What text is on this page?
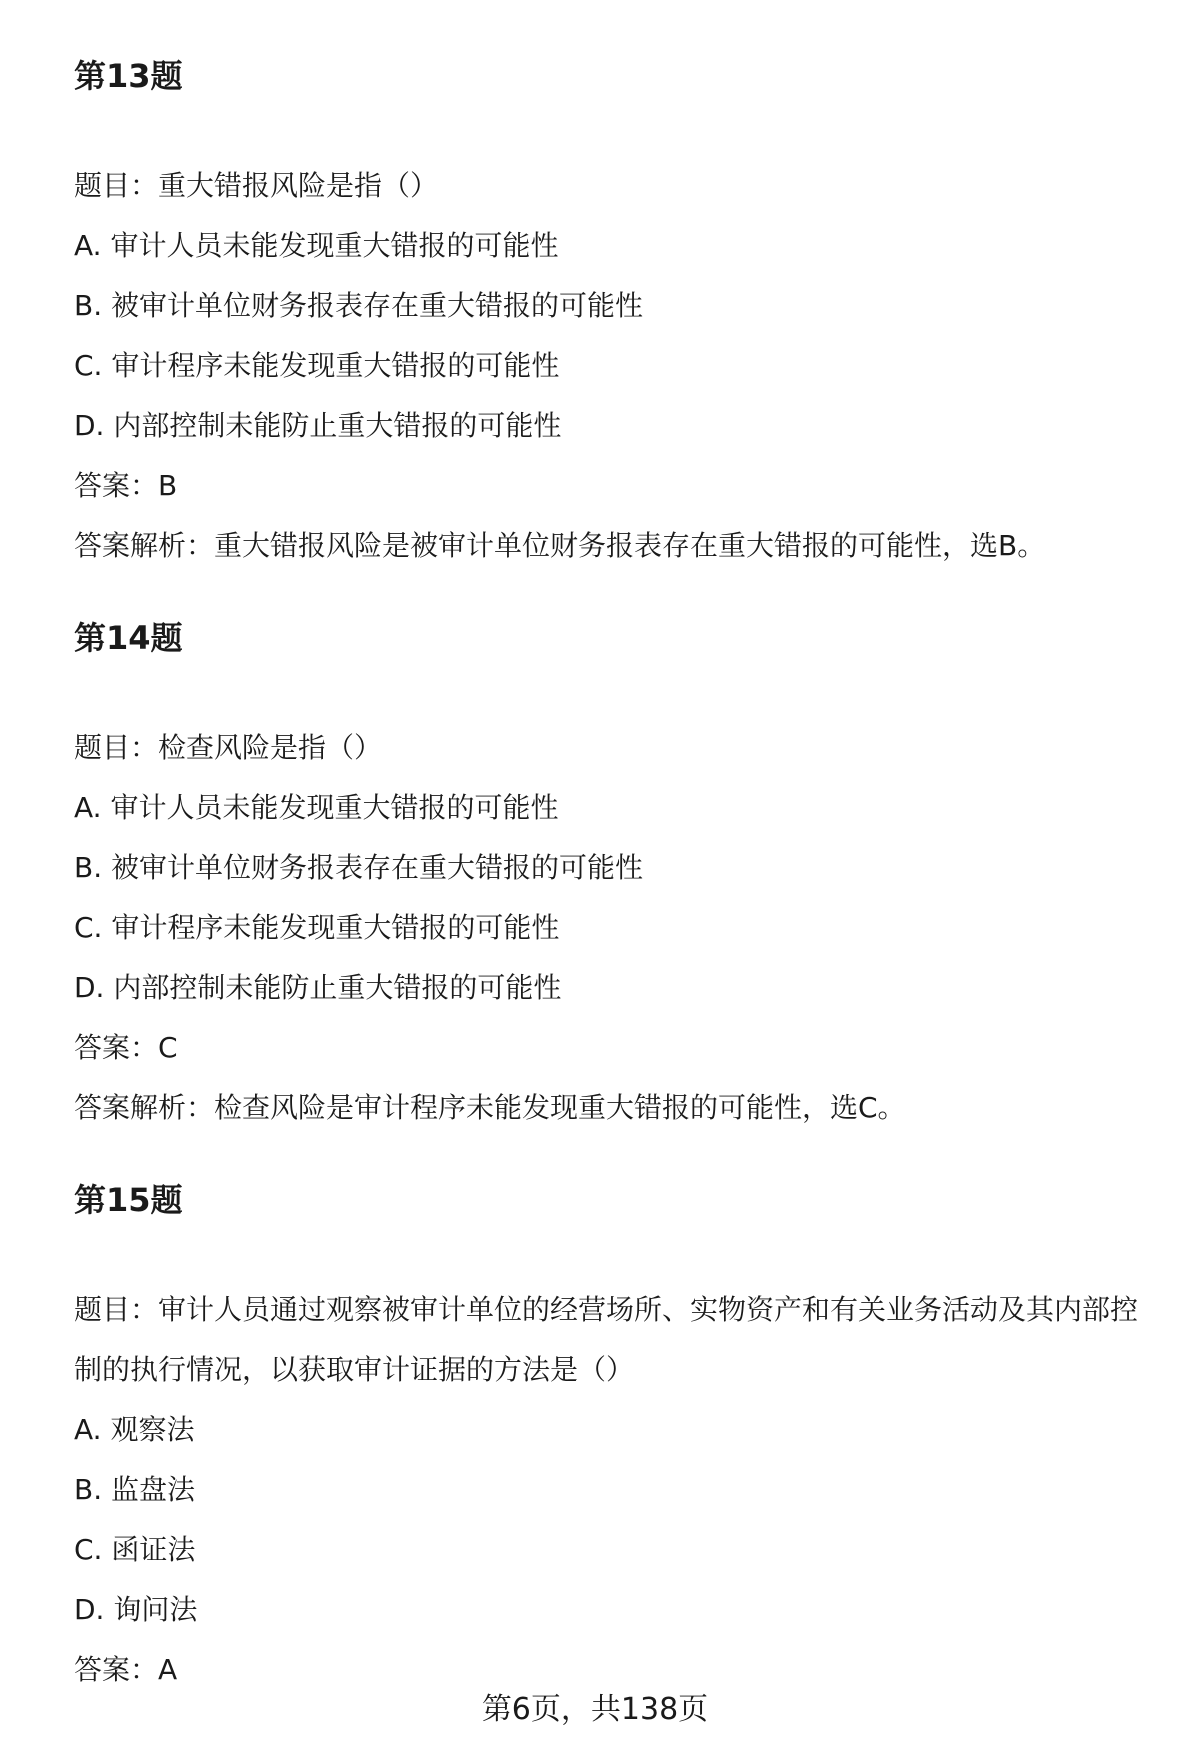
第13题
题目：重大错报风险是指（）
A. 审计人员未能发现重大错报的可能性
B. 被审计单位财务报表存在重大错报的可能性
C. 审计程序未能发现重大错报的可能性
D. 内部控制未能防止重大错报的可能性
答案：B
答案解析：重大错报风险是被审计单位财务报表存在重大错报的可能性，选B。
第14题
题目：检查风险是指（）
A. 审计人员未能发现重大错报的可能性
B. 被审计单位财务报表存在重大错报的可能性
C. 审计程序未能发现重大错报的可能性
D. 内部控制未能防止重大错报的可能性
答案：C
答案解析：检查风险是审计程序未能发现重大错报的可能性，选C。
第15题
题目：审计人员通过观察被审计单位的经营场所、实物资产和有关业务活动及其内部控制的执行情况，以获取审计证据的方法是（）
A. 观察法
B. 监盘法
C. 函证法
D. 询问法
答案：A
第6页，共138页
